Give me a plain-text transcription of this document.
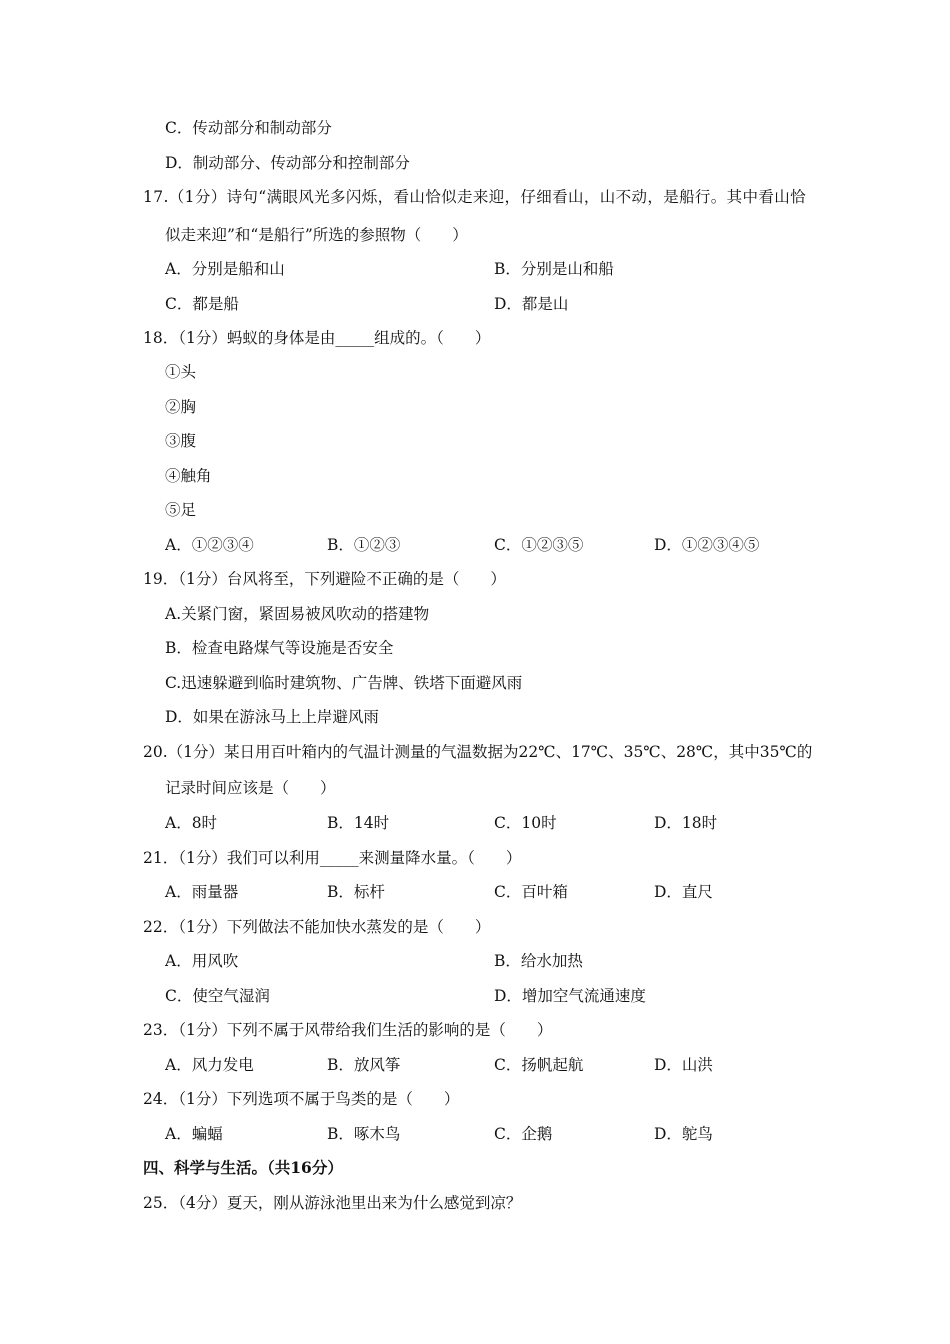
C．传动部分和制动部分
D．制动部分、传动部分和控制部分
17.（1分）诗句“满眼风光多闪烁，看山恰似走来迎，仔细看山，山不动，是船行。其中看山恰
似走来迎”和“是船行”所选的参照物（　　）
A．分别是船和山	B．分别是山和船
C．都是船	D．都是山
18．（1分）蚂蚁的身体是由_____组成的。（　　）
①头
②胸
③腹
④触角
⑤足
A．①②③④	B．①②③	C．①②③⑤	D．①②③④⑤
19．（1分）台风将至，下列避险不正确的是（　　）
A.关紧门窗，紧固易被风吹动的搭建物
B．检查电路煤气等设施是否安全
C.迅速躲避到临时建筑物、广告牌、铁塔下面避风雨
D．如果在游泳马上上岸避风雨
20.（1分）某日用百叶箱内的气温计测量的气温数据为22℃、17℃、35℃、28℃，其中35℃的
记录时间应该是（　　）
A．8时	B．14时	C．10时	D．18时
21．（1分）我们可以利用_____来测量降水量。（　　）
A．雨量器	B．标杆	C．百叶箱	D．直尺
22．（1分）下列做法不能加快水蒸发的是（　　）
A．用风吹	B．给水加热
C．使空气湿润	D．增加空气流通速度
23．（1分）下列不属于风带给我们生活的影响的是（　　）
A．风力发电	B．放风筝	C．扬帆起航	D．山洪
24．（1分）下列选项不属于鸟类的是（　　）
A．蝙蝠	B．啄木鸟	C．企鹅	D．鸵鸟
四、科学与生活。（共16分）
25．（4分）夏天，刚从游泳池里出来为什么感觉到凉？
